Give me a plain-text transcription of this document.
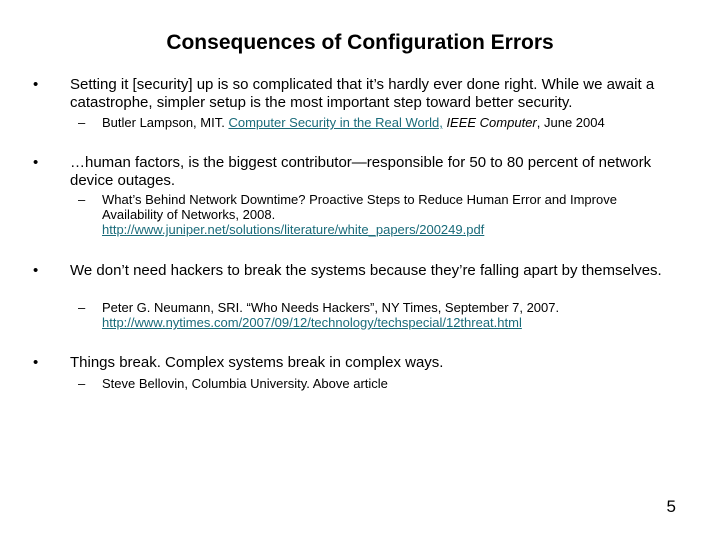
Consequences of Configuration Errors
• Setting it [security] up is so complicated that it’s hardly ever done right. While we await a catastrophe, simpler setup is the most important step toward better security.
– Butler Lampson, MIT. Computer Security in the Real World, IEEE Computer, June 2004
• …human factors, is the biggest contributor—responsible for 50 to 80 percent of network device outages.
– What’s Behind Network Downtime? Proactive Steps to Reduce Human Error and Improve Availability of Networks, 2008.
http://www.juniper.net/solutions/literature/white_papers/200249.pdf
• We don’t need hackers to break the systems because they’re falling apart by themselves.
– Peter G. Neumann, SRI. “Who Needs Hackers”, NY Times, September 7, 2007.
http://www.nytimes.com/2007/09/12/technology/techspecial/12threat.html
• Things break. Complex systems break in complex ways.
– Steve Bellovin, Columbia University. Above article
5
